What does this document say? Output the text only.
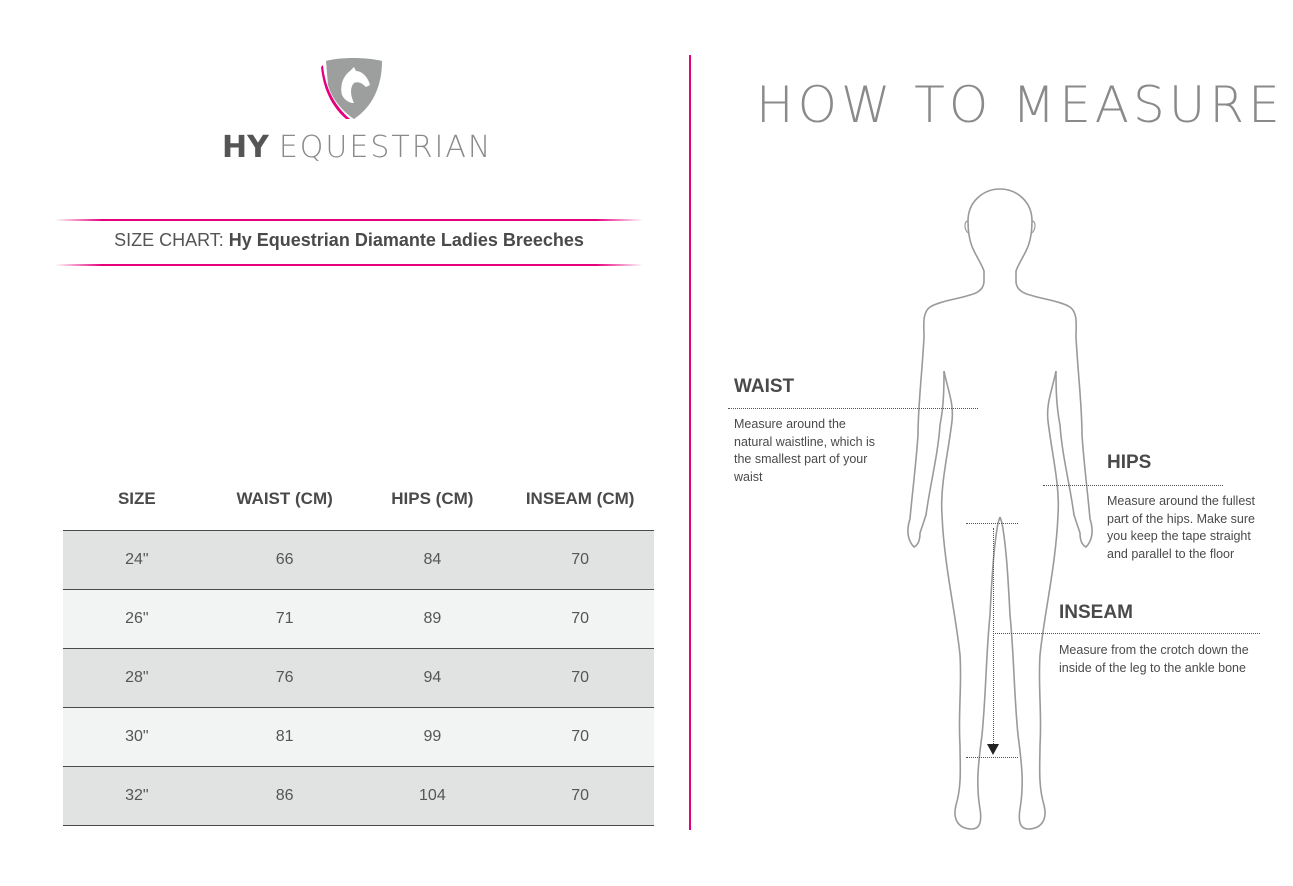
HY EQUESTRIAN
SIZE CHART: Hy Equestrian Diamante Ladies Breeches
SIZE	WAIST (CM)	HIPS (CM)	INSEAM (CM)
24"	66	84	70
26"	71	89	70
28"	76	94	70
30"	81	99	70
32"	86	104	70
HOW TO MEASURE
WAIST
Measure around the natural waistline, which is the smallest part of your waist
HIPS
Measure around the fullest part of the hips. Make sure you keep the tape straight and parallel to the floor
INSEAM
Measure from the crotch down the inside of the leg to the ankle bone
